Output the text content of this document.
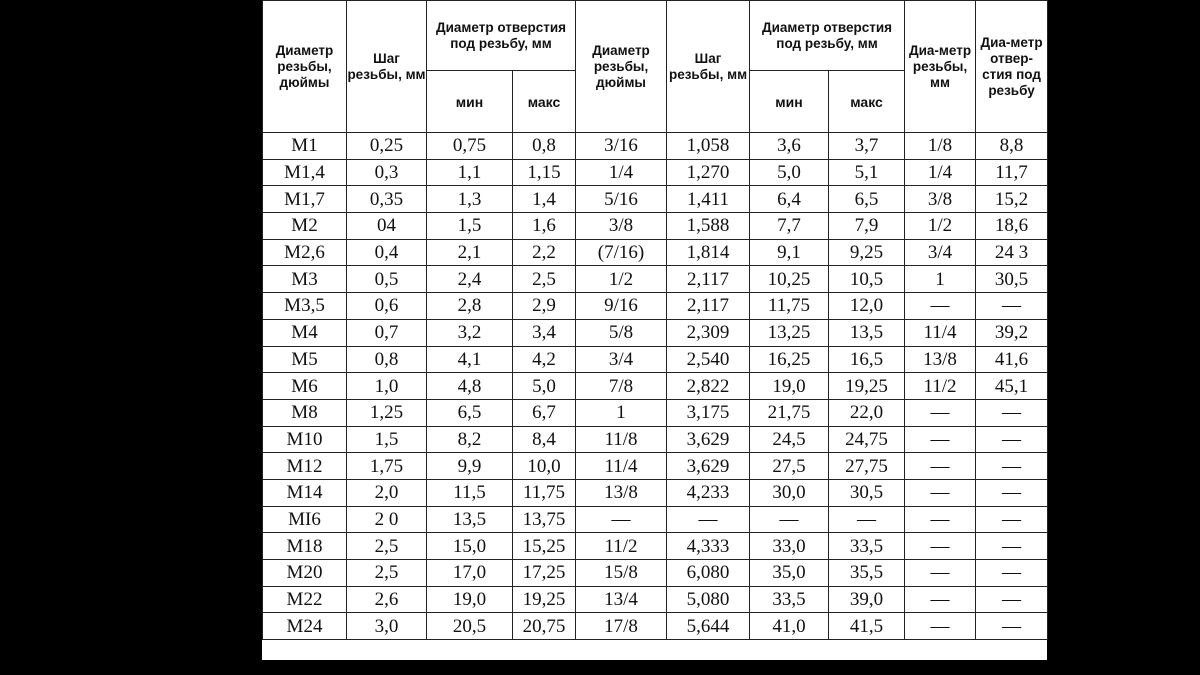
Диаметр резьбы, дюймы	Шаг резьбы, мм	Диаметр отверстия под резьбу, мм		Диаметр резьбы, дюймы	Шаг резьбы, мм	Диаметр отверстия под резьбу, мм		Диа-метр резьбы, мм	Диа-метр отвер-стия под резьбу
		мин	макс			мин	макс		
M1	0,25	0,75	0,8	3/16	1,058	3,6	3,7	1/8	8,8
M1,4	0,3	1,1	1,15	1/4	1,270	5,0	5,1	1/4	11,7
M1,7	0,35	1,3	1,4	5/16	1,411	6,4	6,5	3/8	15,2
M2	04	1,5	1,6	3/8	1,588	7,7	7,9	1/2	18,6
M2,6	0,4	2,1	2,2	(7/16)	1,814	9,1	9,25	3/4	24 3
M3	0,5	2,4	2,5	1/2	2,117	10,25	10,5	1	30,5
M3,5	0,6	2,8	2,9	9/16	2,117	11,75	12,0	—	—
M4	0,7	3,2	3,4	5/8	2,309	13,25	13,5	11/4	39,2
M5	0,8	4,1	4,2	3/4	2,540	16,25	16,5	13/8	41,6
M6	1,0	4,8	5,0	7/8	2,822	19,0	19,25	11/2	45,1
M8	1,25	6,5	6,7	1	3,175	21,75	22,0	—	—
M10	1,5	8,2	8,4	11/8	3,629	24,5	24,75	—	—
M12	1,75	9,9	10,0	11/4	3,629	27,5	27,75	—	—
M14	2,0	11,5	11,75	13/8	4,233	30,0	30,5	—	—
MI6	2 0	13,5	13,75	—	—	—	—	—	—
M18	2,5	15,0	15,25	11/2	4,333	33,0	33,5	—	—
M20	2,5	17,0	17,25	15/8	6,080	35,0	35,5	—	—
M22	2,6	19,0	19,25	13/4	5,080	33,5	39,0	—	—
M24	3,0	20,5	20,75	17/8	5,644	41,0	41,5	—	—
